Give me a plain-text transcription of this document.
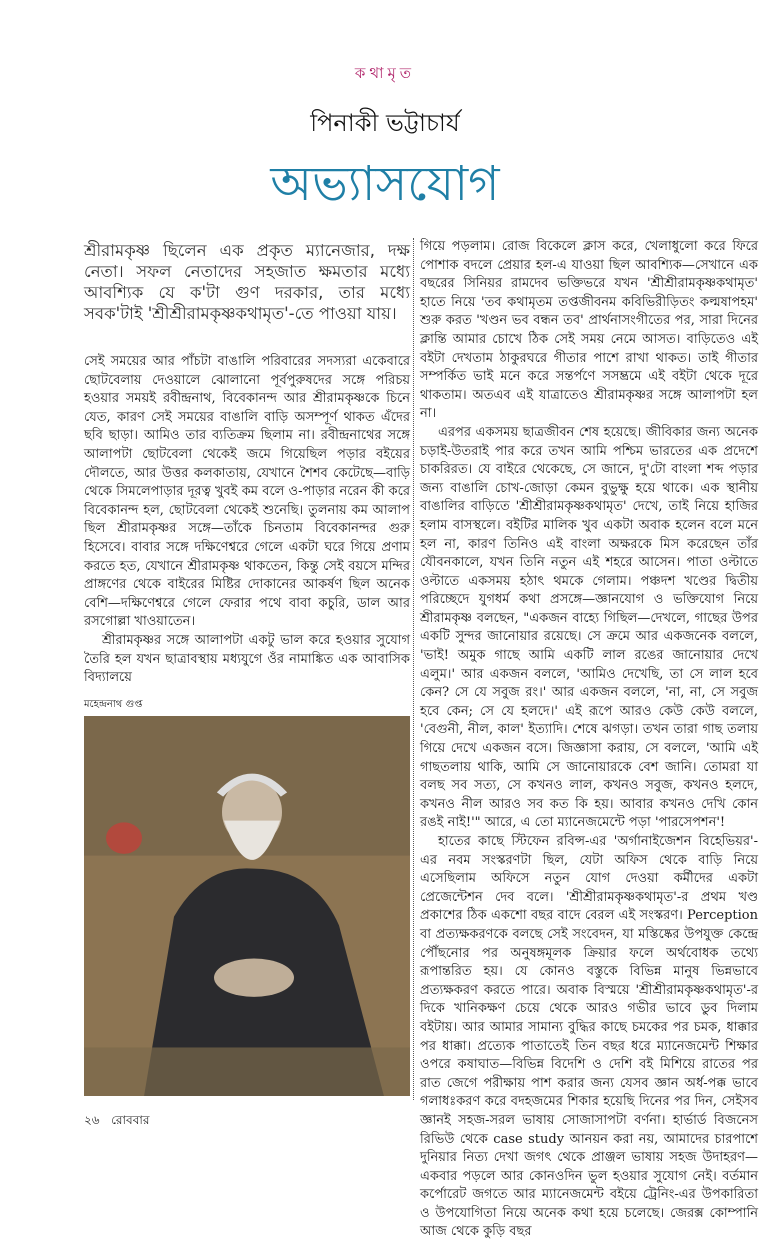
কথামৃত
পিনাকী ভট্টাচার্য
অভ্যাসযোগ
শ্রীরামকৃষ্ণ ছিলেন এক প্রকৃত ম্যানেজার, দক্ষ নেতা। সফল নেতাদের সহজাত ক্ষমতার মধ্যে আবশ্যিক যে ক'টা গুণ দরকার, তার মধ্যে সবক'টাই 'শ্রীশ্রীরামকৃষ্ণকথামৃত'-তে পাওয়া যায়।

সেই সময়ের আর পাঁচটা বাঙালি পরিবারের সদস্যরা একেবারে ছোটবেলায় দেওয়ালে ঝোলানো পূর্বপুরুষদের সঙ্গে পরিচয় হওয়ার সময়ই রবীন্দ্রনাথ, বিবেকানন্দ আর শ্রীরামকৃষ্ণকে চিনে যেত, কারণ সেই সময়ের বাঙালি বাড়ি অসম্পূর্ণ থাকত এঁদের ছবি ছাড়া। আমিও তার ব্যতিক্রম ছিলাম না। রবীন্দ্রনাথের সঙ্গে আলাপটা ছোটবেলা থেকেই জমে গিয়েছিল পড়ার বইয়ের দৌলতে, আর উত্তর কলকাতায়, যেখানে শৈশব কেটেছে—বাড়ি থেকে সিমলেপাড়ার দূরত্ব খুবই কম বলে ও-পাড়ার নরেন কী করে বিবেকানন্দ হল, ছোটবেলা থেকেই শুনেছি। তুলনায় কম আলাপ ছিল শ্রীরামকৃষ্ণর সঙ্গে—তাঁকে চিনতাম বিবেকানন্দর গুরু হিসেবে। বাবার সঙ্গে দক্ষিণেশ্বরে গেলে একটা ঘরে গিয়ে প্রণাম করতে হত, যেখানে শ্রীরামকৃষ্ণ থাকতেন, কিন্তু সেই বয়সে মন্দির প্রাঙ্গণের থেকে বাইরের মিষ্টির দোকানের আকর্ষণ ছিল অনেক বেশি—দক্ষিণেশ্বরে গেলে ফেরার পথে বাবা কচুরি, ডাল আর রসগোল্লা খাওয়াতেন।

শ্রীরামকৃষ্ণর সঙ্গে আলাপটা একটু ভাল করে হওয়ার সুযোগ তৈরি হল যখন ছাত্রাবস্থায় মধ্যযুগে ওঁর নামাঙ্কিত এক আবাসিক বিদ্যালয়ে

মহেন্দ্রনাথ গুপ্ত

গিয়ে পড়লাম। রোজ বিকেলে ক্লাস করে, খেলাধুলো করে ফিরে পোশাক বদলে প্রেয়ার হল-এ যাওয়া ছিল আবশ্যিক—সেখানে এক বছরের সিনিয়র রামদেব ভক্তিভরে যখন 'শ্রীশ্রীরামকৃষ্ণকথামৃত' হাতে নিয়ে 'তব কথামৃতম তপ্তজীবনম কবিভিরীড়িতং কল্মষাপহম' শুরু করত 'খণ্ডন ভব বন্ধন তব' প্রার্থনাসংগীতের পর, সারা দিনের ক্লান্তি আমার চোখে ঠিক সেই সময় নেমে আসত। বাড়িতেও এই বইটা দেখতাম ঠাকুরঘরে গীতার পাশে রাখা থাকত। তাই গীতার সম্পর্কিত ভাই মনে করে সন্তর্পণে সসম্ভ্রমে এই বইটা থেকে দূরে থাকতাম। অতএব এই যাত্রাতেও শ্রীরামকৃষ্ণর সঙ্গে আলাপটা হল না।

এরপর একসময় ছাত্রজীবন শেষ হয়েছে। জীবিকার জন্য অনেক চড়াই-উতরাই পার করে তখন আমি পশ্চিম ভারতের এক প্রদেশে চাকরিরত। যে বাইরে থেকেছে, সে জানে, দু'টো বাংলা শব্দ পড়ার জন্য বাঙালি চোখ-জোড়া কেমন বুভুক্ষু হয়ে থাকে। এক স্থানীয় বাঙালির বাড়িতে 'শ্রীশ্রীরামকৃষ্ণকথামৃত' দেখে, তাই নিয়ে হাজির হলাম বাসস্থলে। বইটির মালিক খুব একটা অবাক হলেন বলে মনে হল না, কারণ তিনিও এই বাংলা অক্ষরকে মিস করেছেন তাঁর যৌবনকালে, যখন তিনি নতুন এই শহরে আসেন। পাতা ওল্টাতে ওল্টাতে একসময় হঠাৎ থমকে গেলাম। পঞ্চদশ খণ্ডের দ্বিতীয় পরিচ্ছেদে যুগধর্ম কথা প্রসঙ্গে—জ্ঞানযোগ ও ভক্তিযোগ নিয়ে শ্রীরামকৃষ্ণ বলছেন, "একজন বাহ্যে গিছিল—দেখলে, গাছের উপর একটি সুন্দর জানোয়ার রয়েছে। সে ক্রমে আর একজনেক বললে, 'ভাই! অমুক গাছে আমি একটি লাল রঙের জানোয়ার দেখে এলুম।' আর একজন বললে, 'আমিও দেখেছি, তা সে লাল হবে কেন? সে যে সবুজ রং।' আর একজন বললে, 'না, না, সে সবুজ হবে কেন; সে যে হলদে।' এই রূপে আরও কেউ কেউ বললে, 'বেগুনী, নীল, কাল' ইত্যাদি। শেষে ঝগড়া। তখন তারা গাছ তলায় গিয়ে দেখে একজন বসে। জিজ্ঞাসা করায়, সে বললে, 'আমি এই গাছতলায় থাকি, আমি সে জানোয়ারকে বেশ জানি। তোমরা যা বলছ সব সত্য, সে কখনও লাল, কখনও সবুজ, কখনও হলদে, কখনও নীল আরও সব কত কি হয়। আবার কখনও দেখি কোন রঙই নাই!'" আরে, এ তো ম্যানেজমেন্টে পড়া 'পারসেপশন'!

হাতের কাছে স্টিফেন রবিন্স-এর 'অর্গানাইজেশন বিহেভিয়র'-এর নবম সংস্করণটা ছিল, যেটা অফিস থেকে বাড়ি নিয়ে এসেছিলাম অফিসে নতুন যোগ দেওয়া কর্মীদের একটা প্রেজেন্টেশন দেব বলে। 'শ্রীশ্রীরামকৃষ্ণকথামৃত'-র প্রথম খণ্ড প্রকাশের ঠিক একশো বছর বাদে বেরল এই সংস্করণ। Perception বা প্রত্যক্ষকরণকে বলছে সেই সংবেদন, যা মস্তিষ্কের উপযুক্ত কেন্দ্রে পৌঁছনোর পর অনুষঙ্গমূলক ক্রিয়ার ফলে অর্থবোধক তথ্যে রূপান্তরিত হয়। যে কোনও বস্তুকে বিভিন্ন মানুষ ভিন্নভাবে প্রত্যক্ষকরণ করতে পারে। অবাক বিস্ময়ে 'শ্রীশ্রীরামকৃষ্ণকথামৃত'-র দিকে খানিকক্ষণ চেয়ে থেকে আরও গভীর ভাবে ডুব দিলাম বইটায়। আর আমার সামান্য বুদ্ধির কাছে চমকের পর চমক, ধাক্কার পর ধাক্কা। প্রত্যেক পাতাতেই তিন বছর ধরে ম্যানেজমেন্ট শিক্ষার ওপরে কষাঘাত—বিভিন্ন বিদেশি ও দেশি বই মিশিয়ে রাতের পর রাত জেগে পরীক্ষায় পাশ করার জন্য যেসব জ্ঞান অর্ধ-পক্ক ভাবে গলাধঃকরণ করে বদহজমের শিকার হয়েছি দিনের পর দিন, সেইসব জ্ঞানই সহজ-সরল ভাষায় সোজাসাপটা বর্ণনা। হার্ভার্ড বিজনেস রিভিউ থেকে case study আনয়ন করা নয়, আমাদের চারপাশে দুনিয়ার নিত্য দেখা জগৎ থেকে প্রাঞ্জল ভাষায় সহজ উদাহরণ—একবার পড়লে আর কোনওদিন ভুল হওয়ার সুযোগ নেই। বর্তমান কর্পোরেট জগতে আর ম্যানেজমেন্ট বইয়ে ট্রেনিং-এর উপকারিতা ও উপযোগিতা নিয়ে অনেক কথা হয়ে চলেছে। জেরক্স কোম্পানি আজ থেকে কুড়ি বছর

২৬ রোববার
